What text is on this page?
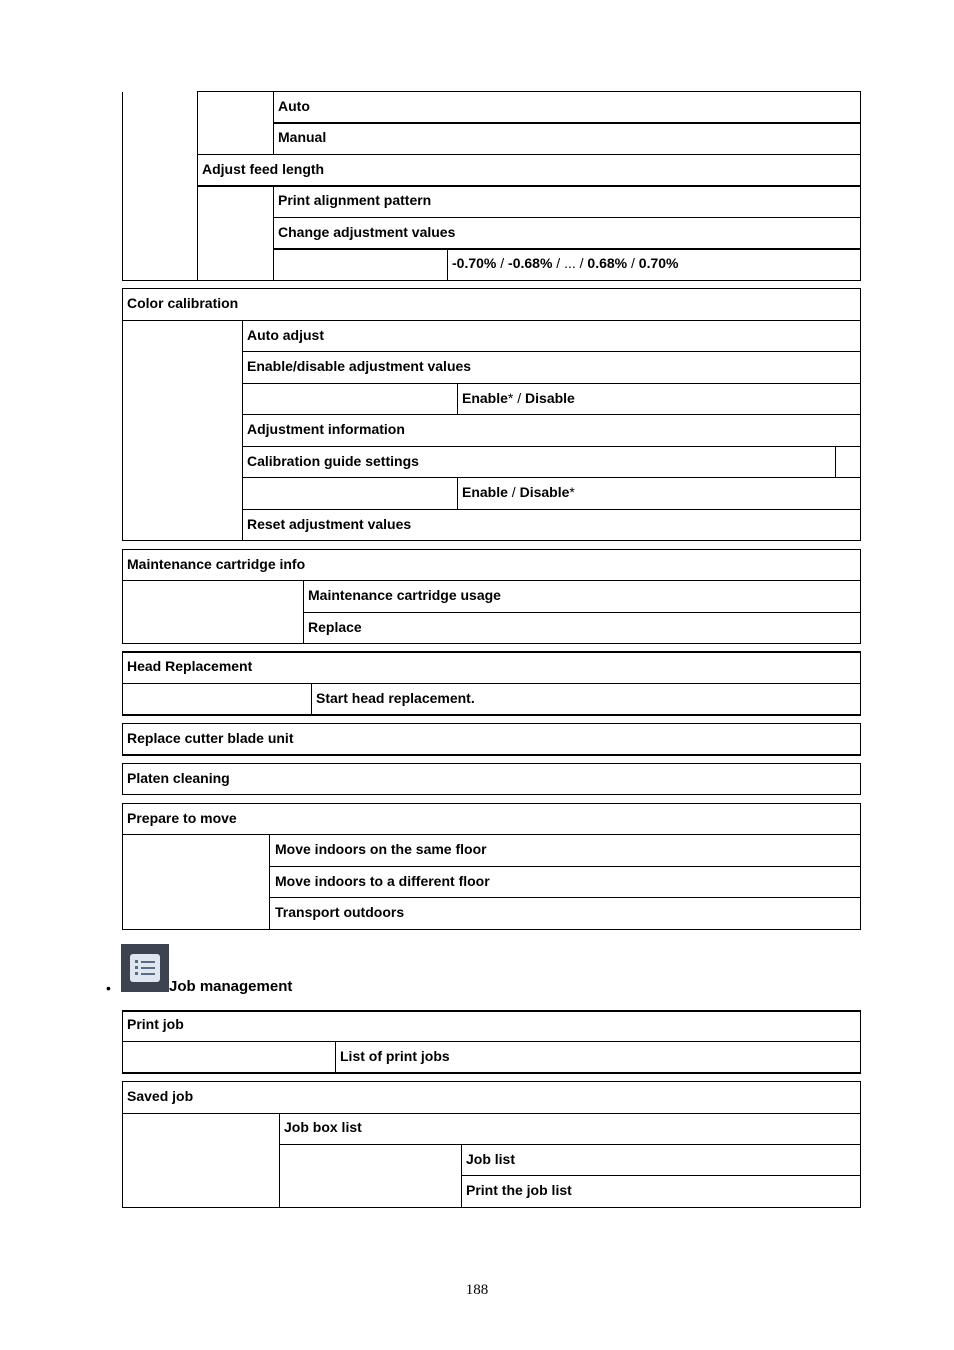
Auto
Manual
Adjust feed length
Print alignment pattern
Change adjustment values
-0.70% / -0.68% / ... / 0.68% / 0.70%
Color calibration
Auto adjust
Enable/disable adjustment values
Enable* / Disable
Adjustment information
Calibration guide settings
Enable / Disable*
Reset adjustment values
Maintenance cartridge info
Maintenance cartridge usage
Replace
Head Replacement
Start head replacement.
Replace cutter blade unit
Platen cleaning
Prepare to move
Move indoors on the same floor
Move indoors to a different floor
Transport outdoors
•	Job management
Print job
List of print jobs
Saved job
Job box list
Job list
Print the job list
188
